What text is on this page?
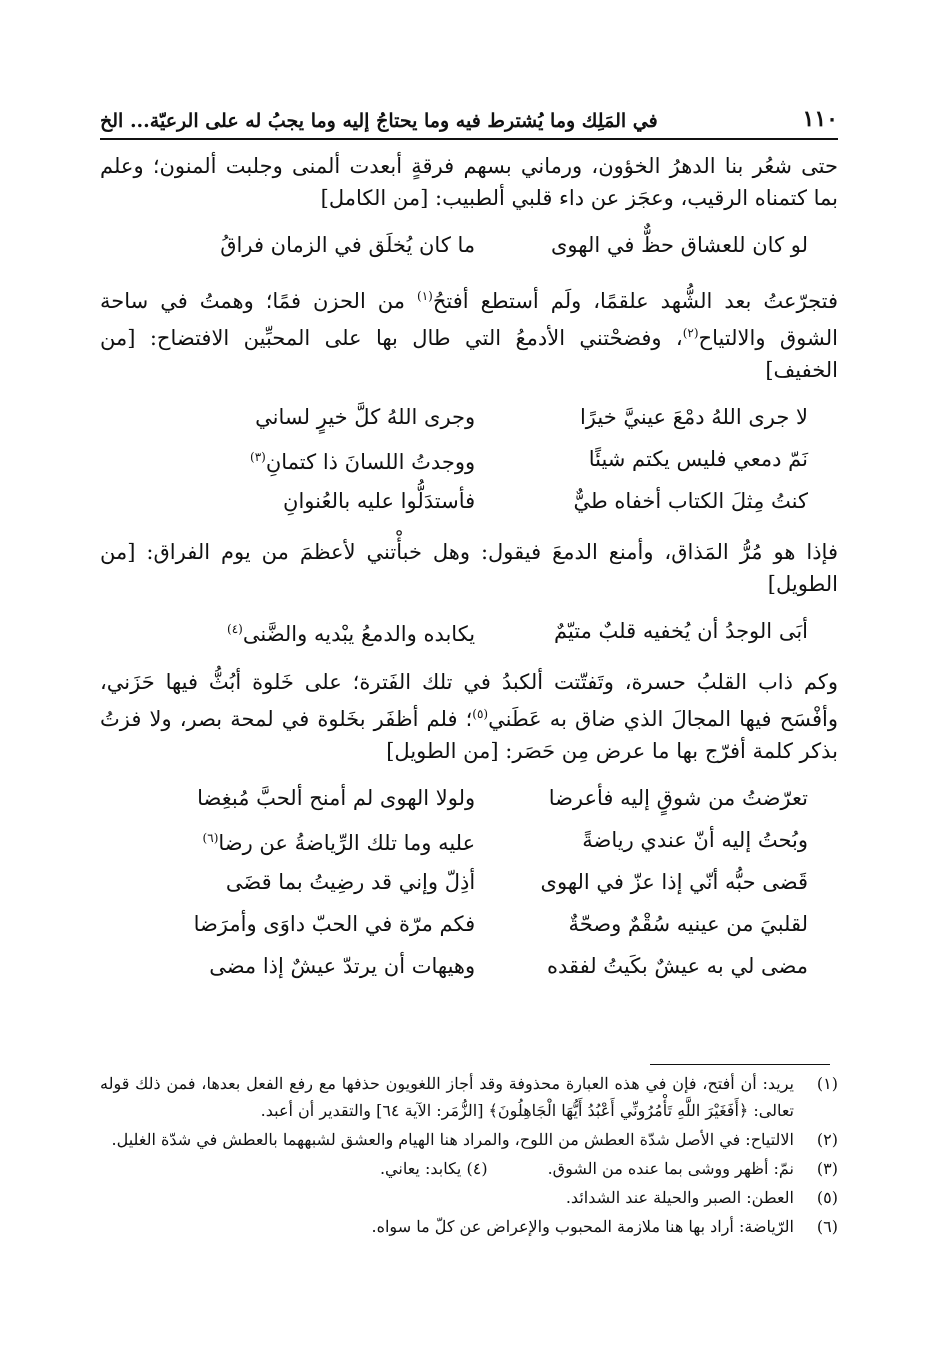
١١٠
في المَلِك وما يُشترط فيه وما يحتاجُ إليه وما يجبُ له على الرعيّة... الخ

حتى شعُر بنا الدهرُ الخؤون، ورماني بسهم فرقةٍ أبعدت ألمنى وجلبت ألمنون؛ وعلم بما كتمناه الرقيب، وعجَز عن داء قلبي ألطبيب: [من الكامل]

لو كان للعشاق حظٌّ في الهوى
ما كان يُخلَق في الزمان فراقُ

فتجرّعتُ بعد الشُّهد علقمًا، ولَم أستطع أفتحُ$^{(١)}$ من الحزن فمًا؛ وهمتُ في ساحة الشوق والالتياح$^{(٢)}$، وفضحْتني الأدمعُ التي طال بها على المحبِّين الافتضاح: [من الخفيف]

لا جرى اللهُ دمْعَ عينيَّ خيرًا
وجرى اللهُ كلَّ خيرٍ لساني
نَمّ دمعي فليس يكتم شيئًا
ووجدتُ اللسانَ ذا كتمانِ$^{(٣)}$
كنتُ مِثلَ الكتاب أخفاه طيٌّ
فأستدَلُّوا عليه بالعُنوانِ

فإذا هو مُرُّ المَذاق، وأمنع الدمعَ فيقول: وهل خبأْتني لأعظمَ من يوم الفراق: [من الطويل]

أبَى الوجدُ أن يُخفيه قلبٌ متيّمٌ
يكابده والدمعُ يبْديه والضَّنى$^{(٤)}$

وكم ذاب القلبُ حسرة، وتَفتّتت ألكبدُ في تلك الفَترة؛ على خَلوة أبُثُّ فيها حَزَني، وأفْسَح فيها المجالَ الذي ضاق به عَطَني$^{(٥)}$؛ فلم أظفَر بخَلوة في لمحة بصر، ولا فزتُ بذكر كلمة أفرّج بها ما عرض مِن حَصَر: [من الطويل]

تعرّضتُ من شوقٍ إليه فأعرضا
ولولا الهوى لم أمنح ألحبَّ مُبغِضا
وبُحتُ إليه أنّ عندي رياضةً
عليه وما تلك الرِّياضةُ عن رضا$^{(٦)}$
قَضى حبُّه أنّي إذا عزّ في الهوى
أذِلّ وإني قد رضِيتُ بما قضَى
لقلبيَ من عينيه سُقْمٌ وصحّةٌ
فكم مرّة في الحبّ داوَى وأمرَضا
مضى لي به عيشٌ بكَيتُ لفقده
وهيهات أن يرتدّ عيشٌ إذا مضى
(١)
يريد: أن أفتح، فإن في هذه العبارة محذوفة وقد أجاز اللغويون حذفها مع رفع الفعل بعدها، فمن ذلك قوله تعالى: ﴿أَفَغَيْرَ اللَّهِ تَأْمُرُونِّي أَعْبُدُ أَيُّهَا الْجَاهِلُونَ﴾ [الزُّمَر: الآية ٦٤] والتقدير أن أعبد.
(٢)
الالتياح: في الأصل شدّة العطش من اللوح، والمراد هنا الهيام والعشق لشبههما بالعطش في شدّة الغليل.
(٣)
نمّ: أظهر ووشى بما عنده من الشوق.
(٤) يكابد: يعاني.
(٥)
العطن: الصبر والحيلة عند الشدائد.
(٦)
الرّياضة: أراد بها هنا ملازمة المحبوب والإعراض عن كلّ ما سواه.
